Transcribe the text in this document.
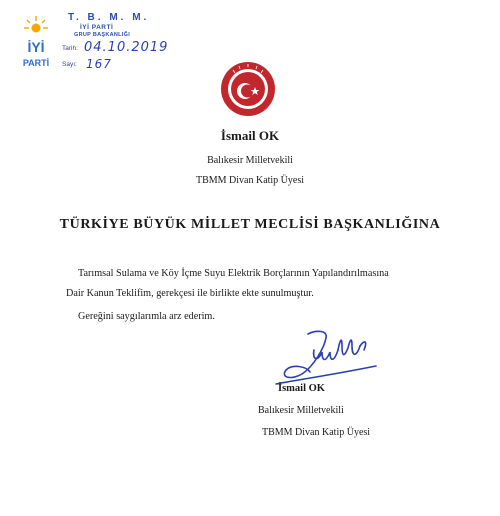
İYİ
PARTİ
T. B. M. M.
İYİ PARTİ
GRUP BAŞKANLIĞI
Tarih: 04.10.2019
Sayı: 167
İsmail OK
Balıkesir Milletvekili
TBMM Divan Katip Üyesi
TÜRKİYE BÜYÜK MİLLET MECLİSİ BAŞKANLIĞINA
Tarımsal Sulama ve Köy İçme Suyu Elektrik Borçlarının Yapılandırılmasına
Dair Kanun Teklifim, gerekçesi ile birlikte ekte sunulmuştur.
Gereğini saygılarımla arz ederim.
İsmail OK
Balıkesir Milletvekili
TBMM Divan Katip Üyesi
